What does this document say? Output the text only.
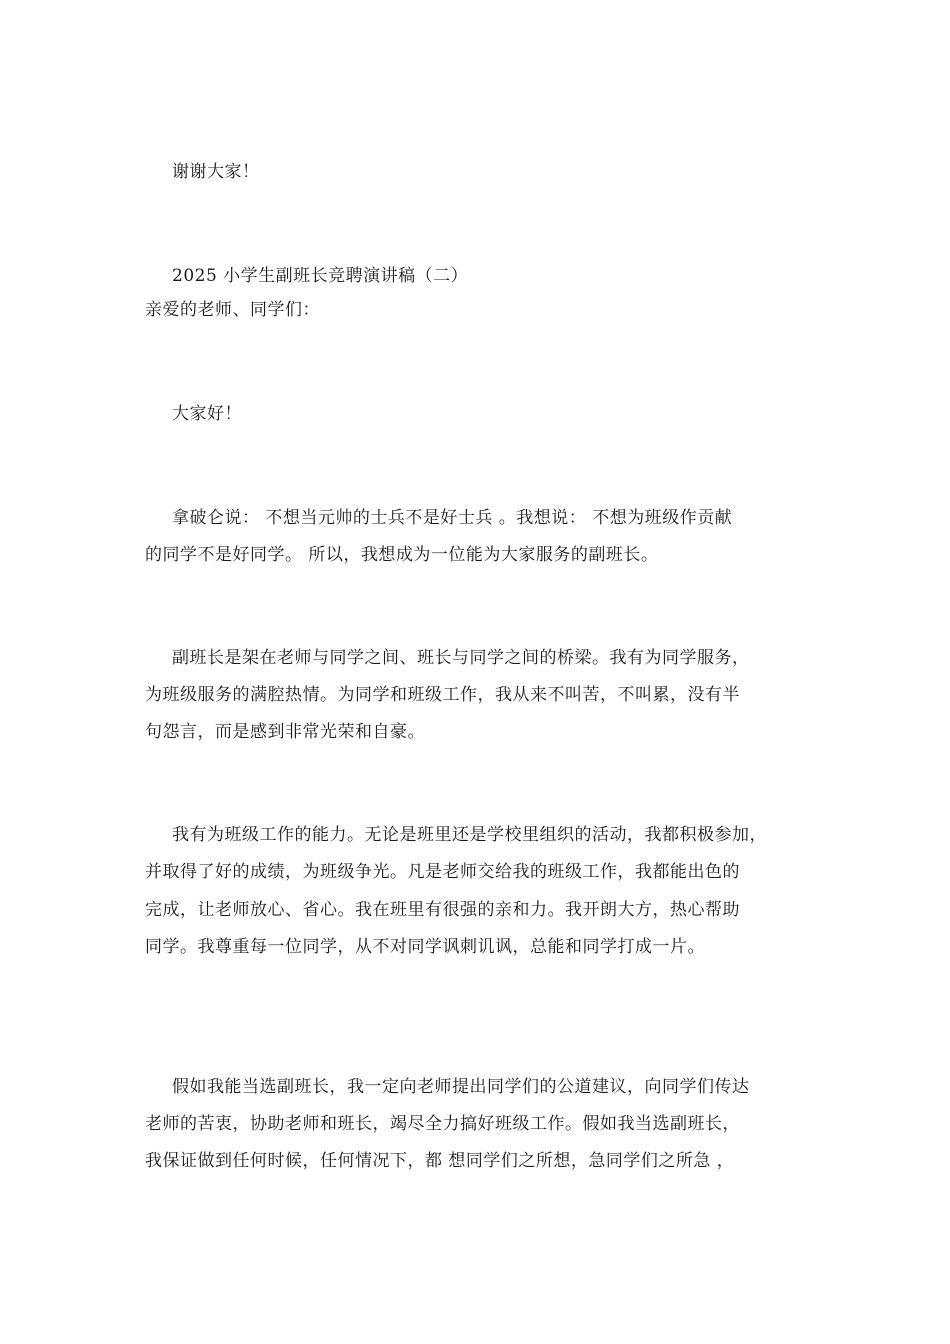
谢谢大家！
2025 小学生副班长竞聘演讲稿（二）
亲爱的老师、同学们：
大家好！
拿破仑说： 不想当元帅的士兵不是好士兵 。我想说： 不想为班级作贡献
的同学不是好同学。 所以，我想成为一位能为大家服务的副班长。
副班长是架在老师与同学之间、班长与同学之间的桥梁。我有为同学服务，
为班级服务的满腔热情。为同学和班级工作，我从来不叫苦，不叫累，没有半
句怨言，而是感到非常光荣和自豪。
我有为班级工作的能力。无论是班里还是学校里组织的活动，我都积极参加，
并取得了好的成绩，为班级争光。凡是老师交给我的班级工作，我都能出色的
完成，让老师放心、省心。我在班里有很强的亲和力。我开朗大方，热心帮助
同学。我尊重每一位同学，从不对同学讽刺讥讽，总能和同学打成一片。
假如我能当选副班长，我一定向老师提出同学们的公道建议，向同学们传达
老师的苦衷，协助老师和班长，竭尽全力搞好班级工作。假如我当选副班长，
我保证做到任何时候，任何情况下，都 想同学们之所想，急同学们之所急 ，
